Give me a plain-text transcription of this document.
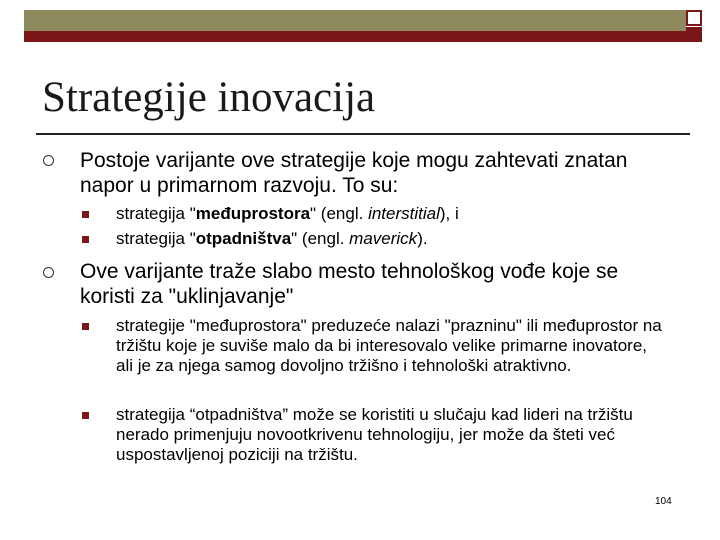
Strategije inovacija
Postoje varijante ove strategije koje mogu zahtevati znatan napor u primarnom razvoju. To su:
strategija "međuprostora" (engl. interstitial), i
strategija "otpadništva" (engl. maverick).
Ove varijante traže slabo mesto tehnološkog vođe koje se koristi za "uklinjavanje"
strategije "međuprostora" preduzeće nalazi "prazninu" ili međuprostor na tržištu koje je suviše malo da bi interesovalo velike primarne inovatore, ali je za njega samog dovoljno tržišno i tehnološki atraktivno.
strategija “otpadništva” može se koristiti u slučaju kad lideri na tržištu nerado primenjuju novootkrivenu tehnologiju, jer može da šteti već uspostavljenoj poziciji na tržištu.
104
